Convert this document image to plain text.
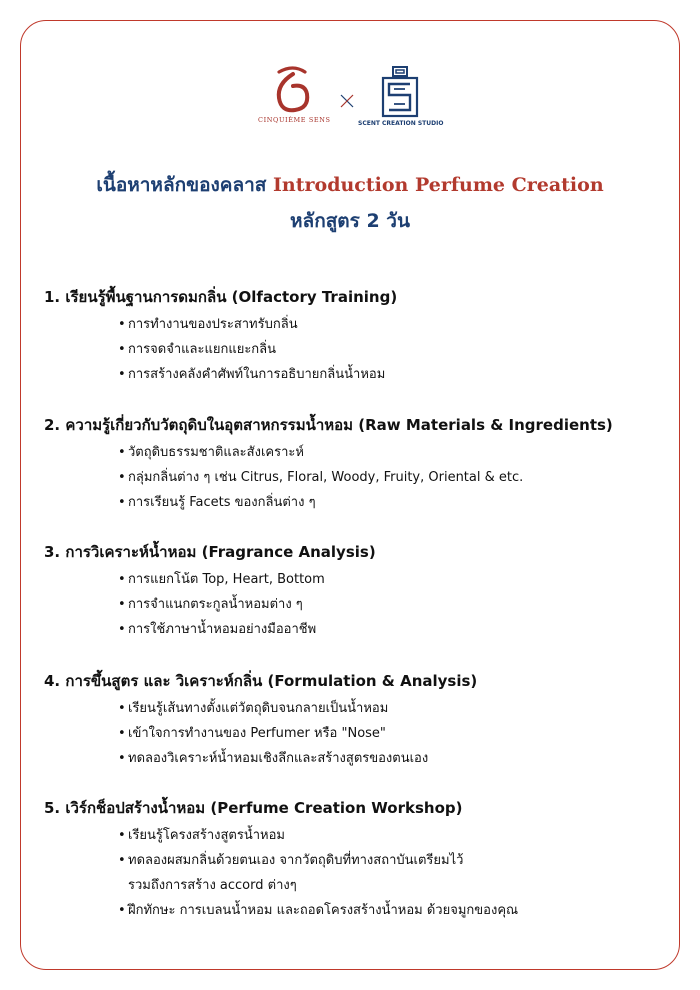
CINQUIÈME SENS	SCENT CREATION STUDIO
เนื้อหาหลักของคลาส Introduction Perfume Creation
หลักสูตร 2 วัน
1. เรียนรู้พื้นฐานการดมกลิ่น (Olfactory Training)
• การทำงานของประสาทรับกลิ่น
• การจดจำและแยกแยะกลิ่น
• การสร้างคลังคำศัพท์ในการอธิบายกลิ่นน้ำหอม
2. ความรู้เกี่ยวกับวัตถุดิบในอุตสาหกรรมน้ำหอม (Raw Materials & Ingredients)
• วัตถุดิบธรรมชาติและสังเคราะห์
• กลุ่มกลิ่นต่าง ๆ เช่น Citrus, Floral, Woody, Fruity, Oriental & etc.
• การเรียนรู้ Facets ของกลิ่นต่าง ๆ
3. การวิเคราะห์น้ำหอม (Fragrance Analysis)
• การแยกโน้ต Top, Heart, Bottom
• การจำแนกตระกูลน้ำหอมต่าง ๆ
• การใช้ภาษาน้ำหอมอย่างมืออาชีพ
4. การขึ้นสูตร และ วิเคราะห์กลิ่น (Formulation & Analysis)
• เรียนรู้เส้นทางตั้งแต่วัตถุดิบจนกลายเป็นน้ำหอม
• เข้าใจการทำงานของ Perfumer หรือ "Nose"
• ทดลองวิเคราะห์น้ำหอมเชิงลึกและสร้างสูตรของตนเอง
5. เวิร์กช็อปสร้างน้ำหอม (Perfume Creation Workshop)
• เรียนรู้โครงสร้างสูตรน้ำหอม
• ทดลองผสมกลิ่นด้วยตนเอง จากวัตถุดิบที่ทางสถาบันเตรียมไว้
รวมถึงการสร้าง accord ต่างๆ
• ฝึกทักษะ การเบลนน้ำหอม และถอดโครงสร้างน้ำหอม ด้วยจมูกของคุณ
